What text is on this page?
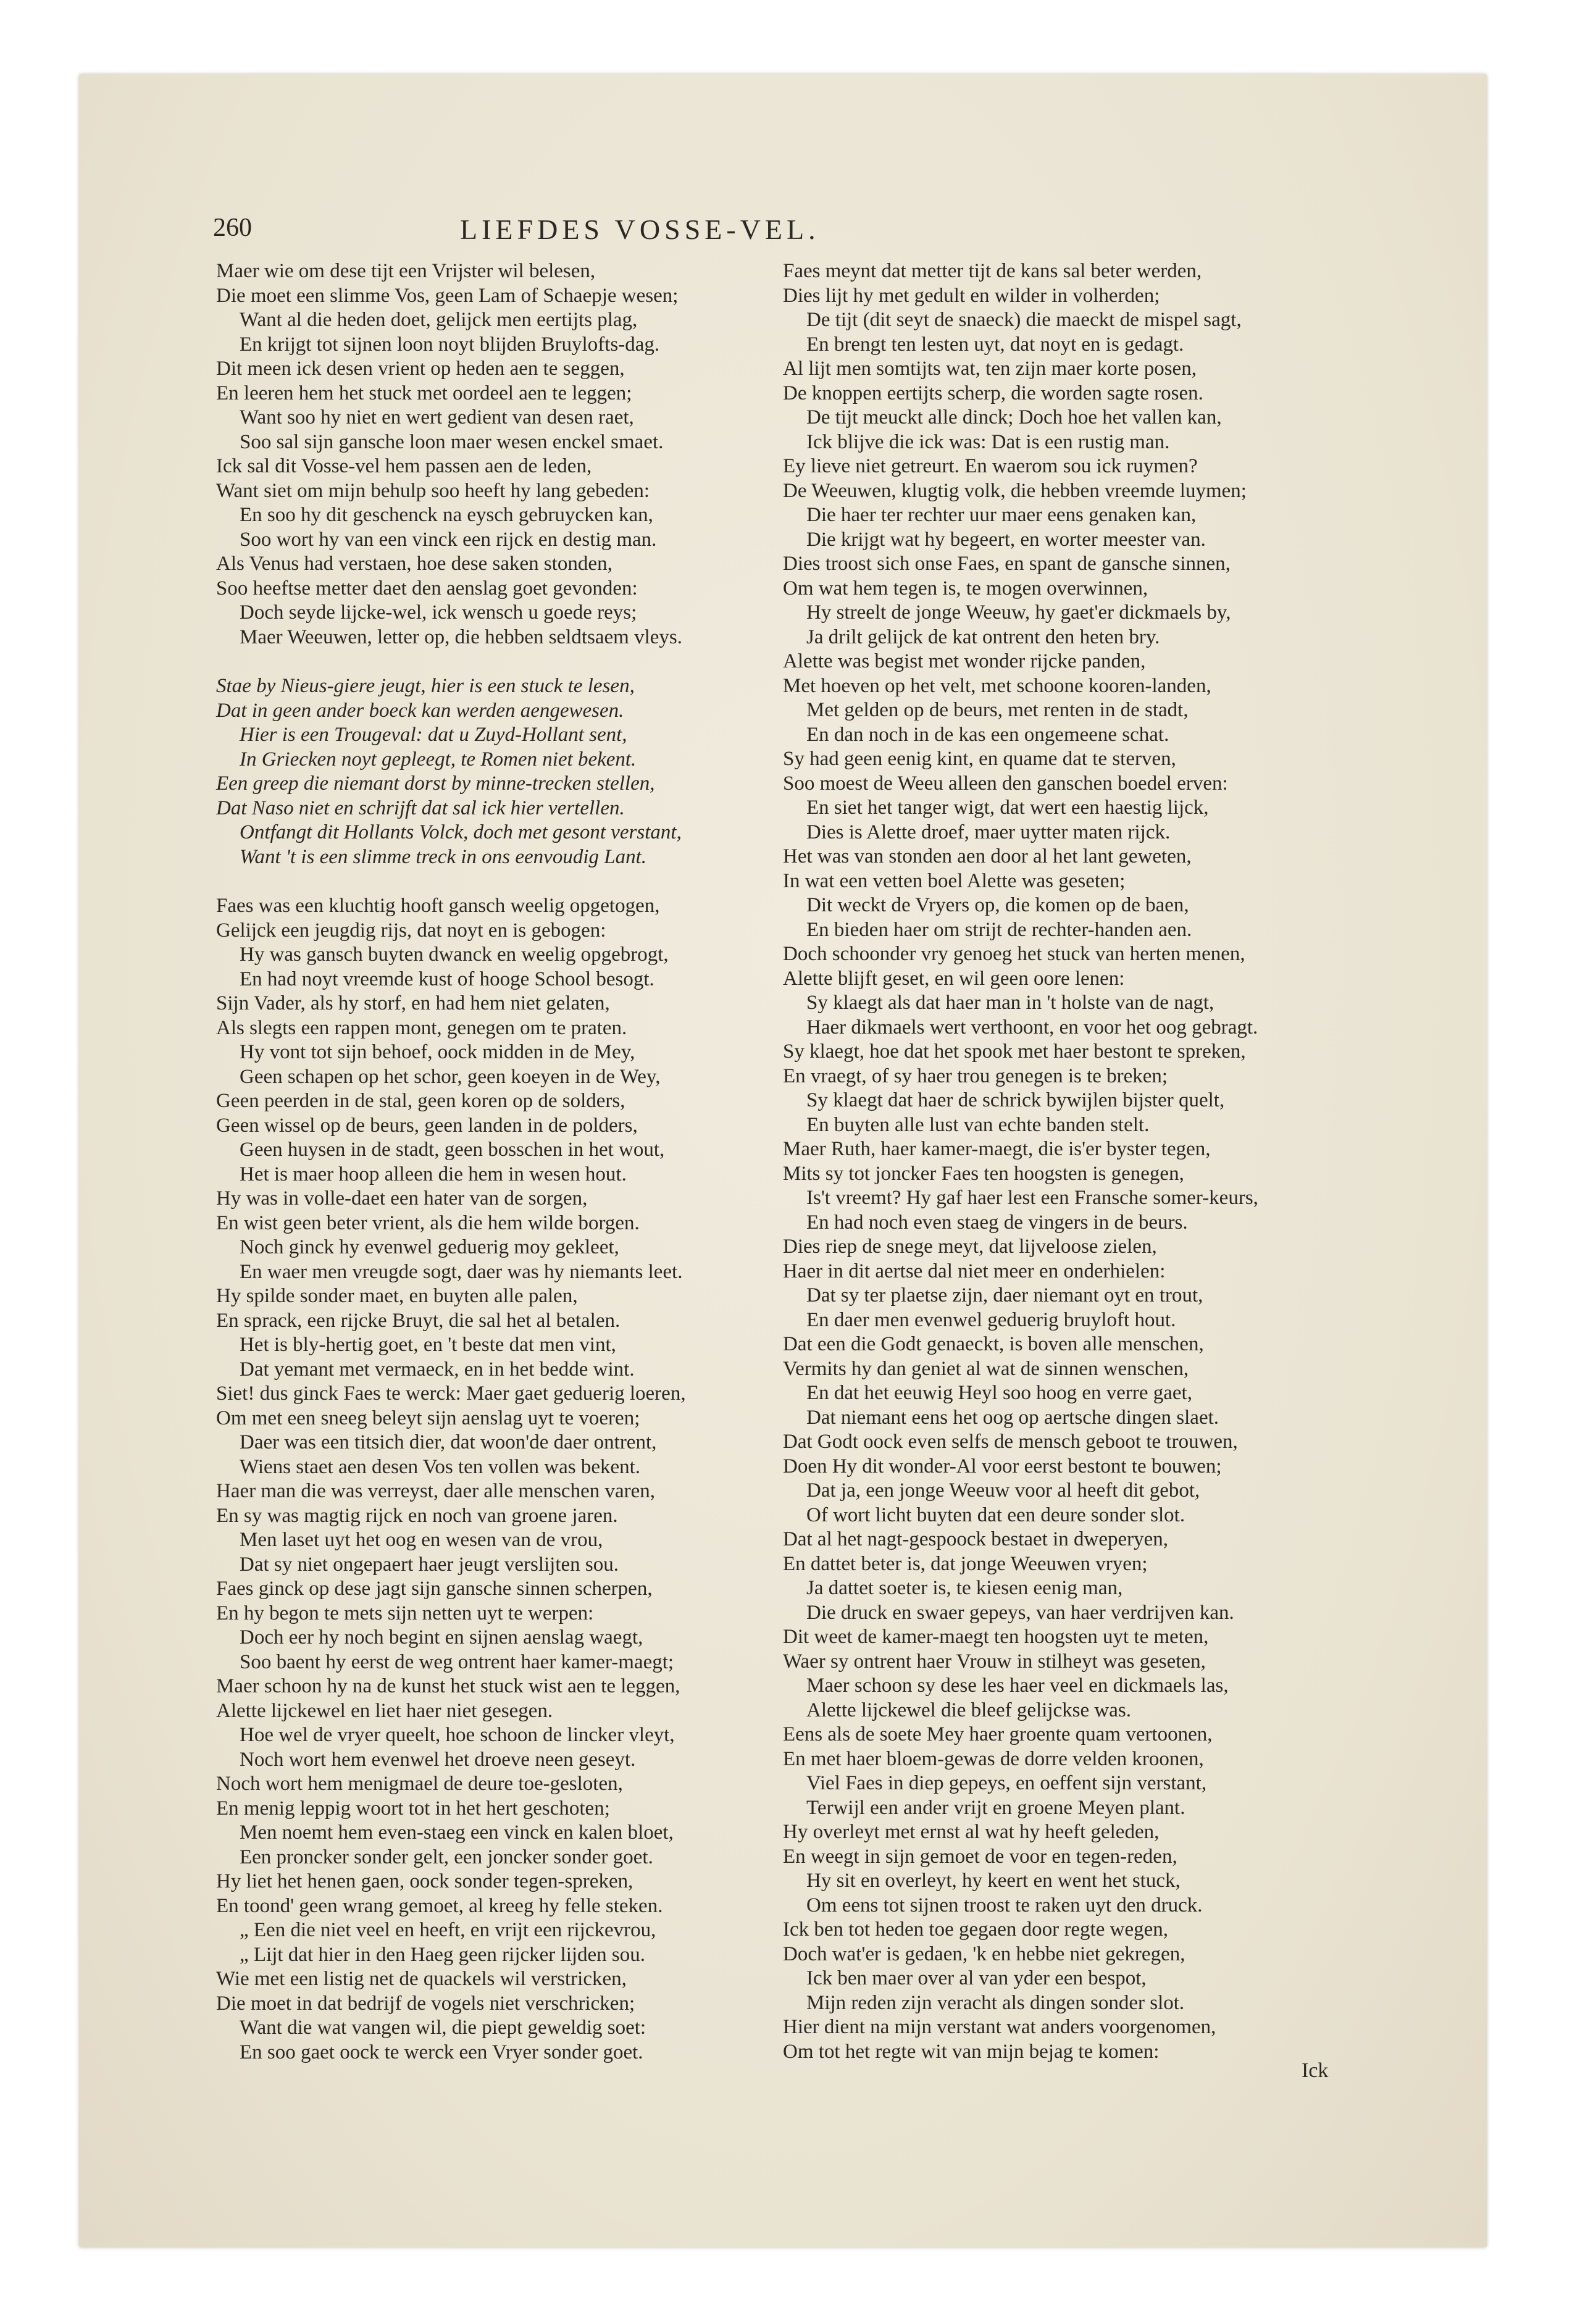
260	LIEFDES VOSSE-VEL.
Maer wie om dese tijt een Vrijster wil belesen,
Die moet een slimme Vos, geen Lam of Schaepje wesen;
Want al die heden doet, gelijck men eertijts plag,
En krijgt tot sijnen loon noyt blijden Bruylofts-dag.
Dit meen ick desen vrient op heden aen te seggen,
En leeren hem het stuck met oordeel aen te leggen;
Want soo hy niet en wert gedient van desen raet,
Soo sal sijn gansche loon maer wesen enckel smaet.
Ick sal dit Vosse-vel hem passen aen de leden,
Want siet om mijn behulp soo heeft hy lang gebeden:
En soo hy dit geschenck na eysch gebruycken kan,
Soo wort hy van een vinck een rijck en destig man.
Als Venus had verstaen, hoe dese saken stonden,
Soo heeftse metter daet den aenslag goet gevonden:
Doch seyde lijcke-wel, ick wensch u goede reys;
Maer Weeuwen, letter op, die hebben seldtsaem vleys.
Stae by Nieus-giere jeugt, hier is een stuck te lesen,
Dat in geen ander boeck kan werden aengewesen.
Hier is een Trougeval: dat u Zuyd-Hollant sent,
In Griecken noyt gepleegt, te Romen niet bekent.
Een greep die niemant dorst by minne-trecken stellen,
Dat Naso niet en schrijft dat sal ick hier vertellen.
Ontfangt dit Hollants Volck, doch met gesont verstant,
Want 't is een slimme treck in ons eenvoudig Lant.
Faes was een kluchtig hooft gansch weelig opgetogen,
Gelijck een jeugdig rijs, dat noyt en is gebogen:
Hy was gansch buyten dwanck en weelig opgebrogt,
En had noyt vreemde kust of hooge School besogt.
Sijn Vader, als hy storf, en had hem niet gelaten,
Als slegts een rappen mont, genegen om te praten.
Hy vont tot sijn behoef, oock midden in de Mey,
Geen schapen op het schor, geen koeyen in de Wey,
Geen peerden in de stal, geen koren op de solders,
Geen wissel op de beurs, geen landen in de polders,
Geen huysen in de stadt, geen bosschen in het wout,
Het is maer hoop alleen die hem in wesen hout.
Hy was in volle-daet een hater van de sorgen,
En wist geen beter vrient, als die hem wilde borgen.
Noch ginck hy evenwel geduerig moy gekleet,
En waer men vreugde sogt, daer was hy niemants leet.
Hy spilde sonder maet, en buyten alle palen,
En sprack, een rijcke Bruyt, die sal het al betalen.
Het is bly-hertig goet, en 't beste dat men vint,
Dat yemant met vermaeck, en in het bedde wint.
Siet! dus ginck Faes te werck: Maer gaet geduerig loeren,
Om met een sneeg beleyt sijn aenslag uyt te voeren;
Daer was een titsich dier, dat woon'de daer ontrent,
Wiens staet aen desen Vos ten vollen was bekent.
Haer man die was verreyst, daer alle menschen varen,
En sy was magtig rijck en noch van groene jaren.
Men laset uyt het oog en wesen van de vrou,
Dat sy niet ongepaert haer jeugt verslijten sou.
Faes ginck op dese jagt sijn gansche sinnen scherpen,
En hy begon te mets sijn netten uyt te werpen:
Doch eer hy noch begint en sijnen aenslag waegt,
Soo baent hy eerst de weg ontrent haer kamer-maegt;
Maer schoon hy na de kunst het stuck wist aen te leggen,
Alette lijckewel en liet haer niet gesegen.
Hoe wel de vryer queelt, hoe schoon de lincker vleyt,
Noch wort hem evenwel het droeve neen geseyt.
Noch wort hem menigmael de deure toe-gesloten,
En menig leppig woort tot in het hert geschoten;
Men noemt hem even-staeg een vinck en kalen bloet,
Een proncker sonder gelt, een joncker sonder goet.
Hy liet het henen gaen, oock sonder tegen-spreken,
En toond' geen wrang gemoet, al kreeg hy felle steken.
„ Een die niet veel en heeft, en vrijt een rijckevrou,
„ Lijt dat hier in den Haeg geen rijcker lijden sou.
Wie met een listig net de quackels wil verstricken,
Die moet in dat bedrijf de vogels niet verschricken;
Want die wat vangen wil, die piept geweldig soet:
En soo gaet oock te werck een Vryer sonder goet.
Faes meynt dat metter tijt de kans sal beter werden,
Dies lijt hy met gedult en wilder in volherden;
De tijt (dit seyt de snaeck) die maeckt de mispel sagt,
En brengt ten lesten uyt, dat noyt en is gedagt.
Al lijt men somtijts wat, ten zijn maer korte posen,
De knoppen eertijts scherp, die worden sagte rosen.
De tijt meuckt alle dinck; Doch hoe het vallen kan,
Ick blijve die ick was: Dat is een rustig man.
Ey lieve niet getreurt. En waerom sou ick ruymen?
De Weeuwen, klugtig volk, die hebben vreemde luymen;
Die haer ter rechter uur maer eens genaken kan,
Die krijgt wat hy begeert, en worter meester van.
Dies troost sich onse Faes, en spant de gansche sinnen,
Om wat hem tegen is, te mogen overwinnen,
Hy streelt de jonge Weeuw, hy gaet'er dickmaels by,
Ja drilt gelijck de kat ontrent den heten bry.
Alette was begist met wonder rijcke panden,
Met hoeven op het velt, met schoone kooren-landen,
Met gelden op de beurs, met renten in de stadt,
En dan noch in de kas een ongemeene schat.
Sy had geen eenig kint, en quame dat te sterven,
Soo moest de Weeu alleen den ganschen boedel erven:
En siet het tanger wigt, dat wert een haestig lijck,
Dies is Alette droef, maer uytter maten rijck.
Het was van stonden aen door al het lant geweten,
In wat een vetten boel Alette was geseten;
Dit weckt de Vryers op, die komen op de baen,
En bieden haer om strijt de rechter-handen aen.
Doch schoonder vry genoeg het stuck van herten menen,
Alette blijft geset, en wil geen oore lenen:
Sy klaegt als dat haer man in 't holste van de nagt,
Haer dikmaels wert verthoont, en voor het oog gebragt.
Sy klaegt, hoe dat het spook met haer bestont te spreken,
En vraegt, of sy haer trou genegen is te breken;
Sy klaegt dat haer de schrick bywijlen bijster quelt,
En buyten alle lust van echte banden stelt.
Maer Ruth, haer kamer-maegt, die is'er byster tegen,
Mits sy tot joncker Faes ten hoogsten is genegen,
Is't vreemt? Hy gaf haer lest een Fransche somer-keurs,
En had noch even staeg de vingers in de beurs.
Dies riep de snege meyt, dat lijveloose zielen,
Haer in dit aertse dal niet meer en onderhielen:
Dat sy ter plaetse zijn, daer niemant oyt en trout,
En daer men evenwel geduerig bruyloft hout.
Dat een die Godt genaeckt, is boven alle menschen,
Vermits hy dan geniet al wat de sinnen wenschen,
En dat het eeuwig Heyl soo hoog en verre gaet,
Dat niemant eens het oog op aertsche dingen slaet.
Dat Godt oock even selfs de mensch geboot te trouwen,
Doen Hy dit wonder-Al voor eerst bestont te bouwen;
Dat ja, een jonge Weeuw voor al heeft dit gebot,
Of wort licht buyten dat een deure sonder slot.
Dat al het nagt-gespoock bestaet in dweperyen,
En dattet beter is, dat jonge Weeuwen vryen;
Ja dattet soeter is, te kiesen eenig man,
Die druck en swaer gepeys, van haer verdrijven kan.
Dit weet de kamer-maegt ten hoogsten uyt te meten,
Waer sy ontrent haer Vrouw in stilheyt was geseten,
Maer schoon sy dese les haer veel en dickmaels las,
Alette lijckewel die bleef gelijckse was.
Eens als de soete Mey haer groente quam vertoonen,
En met haer bloem-gewas de dorre velden kroonen,
Viel Faes in diep gepeys, en oeffent sijn verstant,
Terwijl een ander vrijt en groene Meyen plant.
Hy overleyt met ernst al wat hy heeft geleden,
En weegt in sijn gemoet de voor en tegen-reden,
Hy sit en overleyt, hy keert en went het stuck,
Om eens tot sijnen troost te raken uyt den druck.
Ick ben tot heden toe gegaen door regte wegen,
Doch wat'er is gedaen, 'k en hebbe niet gekregen,
Ick ben maer over al van yder een bespot,
Mijn reden zijn veracht als dingen sonder slot.
Hier dient na mijn verstant wat anders voorgenomen,
Om tot het regte wit van mijn bejag te komen:
Ick
